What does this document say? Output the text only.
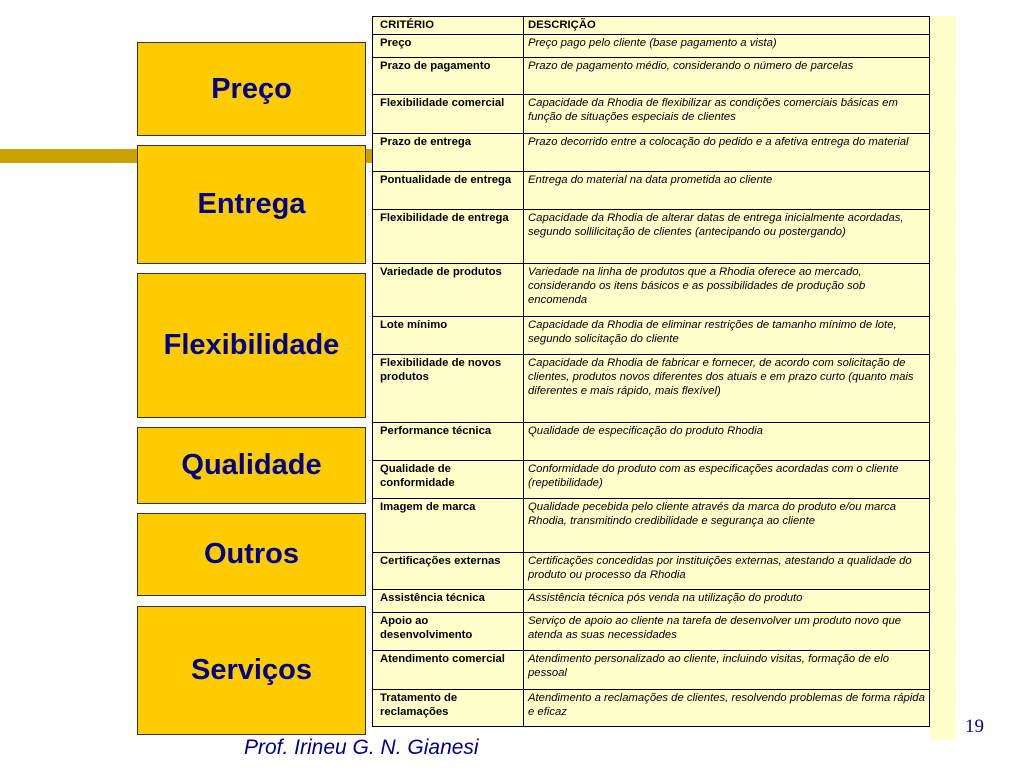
Preço
Entrega
Flexibilidade
Qualidade
Outros
Serviços
CRITÉRIO	DESCRIÇÃO
Preço	Preço pago pelo cliente (base pagamento a vista)
Prazo de pagamento	Prazo de pagamento médio, considerando o número de parcelas
Flexibilidade comercial	Capacidade da Rhodia de flexibilizar as condições comerciais básicas em função de situações especiais de clientes
Prazo de entrega	Prazo decorrido entre a colocação do pedido e a afetiva entrega do material
Pontualidade de entrega	Entrega do material na data prometida ao cliente
Flexibilidade de entrega	Capacidade da Rhodia de alterar datas de entrega inicialmente acordadas, segundo sollilicitação de clientes (antecipando ou postergando)
Variedade de produtos	Variedade na linha de produtos que a Rhodia oferece ao mercado, considerando os itens básicos e as possibilidades de produção sob encomenda
Lote mínimo	Capacidade da Rhodia de eliminar restrições de tamanho mínimo de lote, segundo solicitação do cliente
Flexibilidade de novos produtos	Capacidade da Rhodia de fabricar e fornecer, de acordo com solicitação de clientes, produtos novos diferentes dos atuais e em prazo curto (quanto mais diferentes e mais rápido, mais flexível)
Performance técnica	Qualidade de especificação do produto Rhodia
Qualidade de conformidade	Conformidade do produto com as especificações acordadas com o cliente (repetibilidade)
Imagem de marca	Qualidade pecebida pelo cliente através da marca do produto e/ou marca Rhodia, transmitindo credibilidade e segurança ao cliente
Certificações externas	Certificações concedidas por instituições externas, atestando a qualidade do produto ou processo da Rhodia
Assistência técnica	Assistência técnica pós venda na utilização do produto
Apoio ao desenvolvimento	Serviço de apoio ao cliente na tarefa de desenvolver um produto novo que atenda as suas necessidades
Atendimento comercial	Atendimento personalizado ao cliente, incluindo visitas, formação de elo pessoal
Tratamento de reclamações	Atendimento a reclamações de clientes, resolvendo problemas de forma rápida e eficaz
19
Prof. Irineu G. N. Gianesi
